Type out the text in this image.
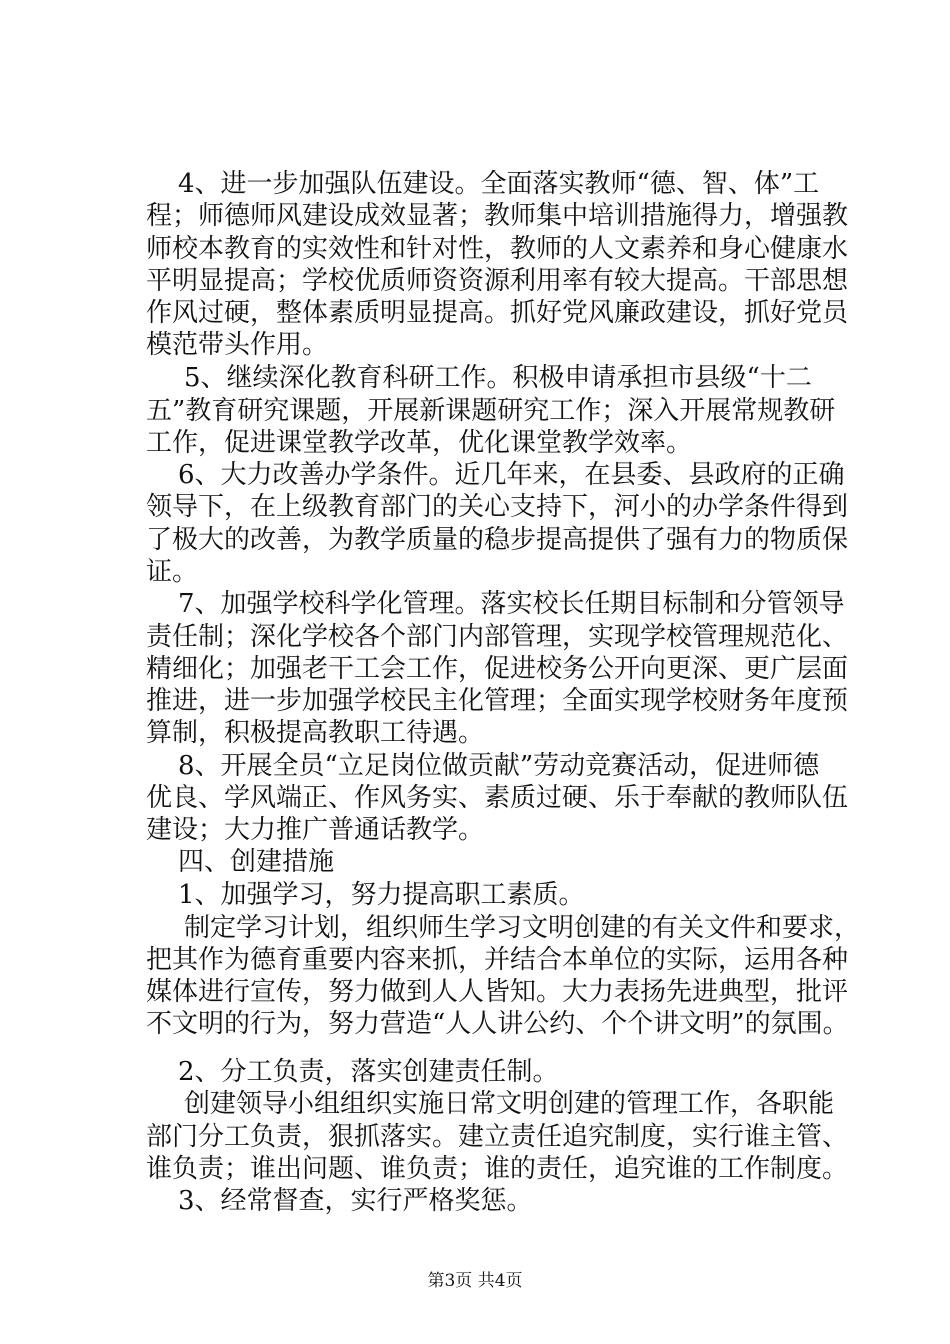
4、进一步加强队伍建设。全面落实教师“德、智、体”工

程；师德师风建设成效显著；教师集中培训措施得力，增强教

师校本教育的实效性和针对性，教师的人文素养和身心健康水

平明显提高；学校优质师资资源利用率有较大提高。干部思想

作风过硬，整体素质明显提高。抓好党风廉政建设，抓好党员

模范带头作用。

5、继续深化教育科研工作。积极申请承担市县级“十二

五”教育研究课题，开展新课题研究工作；深入开展常规教研

工作，促进课堂教学改革，优化课堂教学效率。

6、大力改善办学条件。近几年来，在县委、县政府的正确

领导下，在上级教育部门的关心支持下，河小的办学条件得到

了极大的改善，为教学质量的稳步提高提供了强有力的物质保

证。

7、加强学校科学化管理。落实校长任期目标制和分管领导

责任制；深化学校各个部门内部管理，实现学校管理规范化、

精细化；加强老干工会工作，促进校务公开向更深、更广层面

推进，进一步加强学校民主化管理；全面实现学校财务年度预

算制，积极提高教职工待遇。

8、开展全员“立足岗位做贡献”劳动竞赛活动，促进师德

优良、学风端正、作风务实、素质过硬、乐于奉献的教师队伍

建设；大力推广普通话教学。

四、创建措施

1、加强学习，努力提高职工素质。

制定学习计划，组织师生学习文明创建的有关文件和要求，

把其作为德育重要内容来抓，并结合本单位的实际，运用各种

媒体进行宣传，努力做到人人皆知。大力表扬先进典型，批评

不文明的行为，努力营造“人人讲公约、个个讲文明”的氛围。

2、分工负责，落实创建责任制。

创建领导小组组织实施日常文明创建的管理工作，各职能

部门分工负责，狠抓落实。建立责任追究制度，实行谁主管、

谁负责；谁出问题、谁负责；谁的责任，追究谁的工作制度。

3、经常督查，实行严格奖惩。

第3页 共4页
